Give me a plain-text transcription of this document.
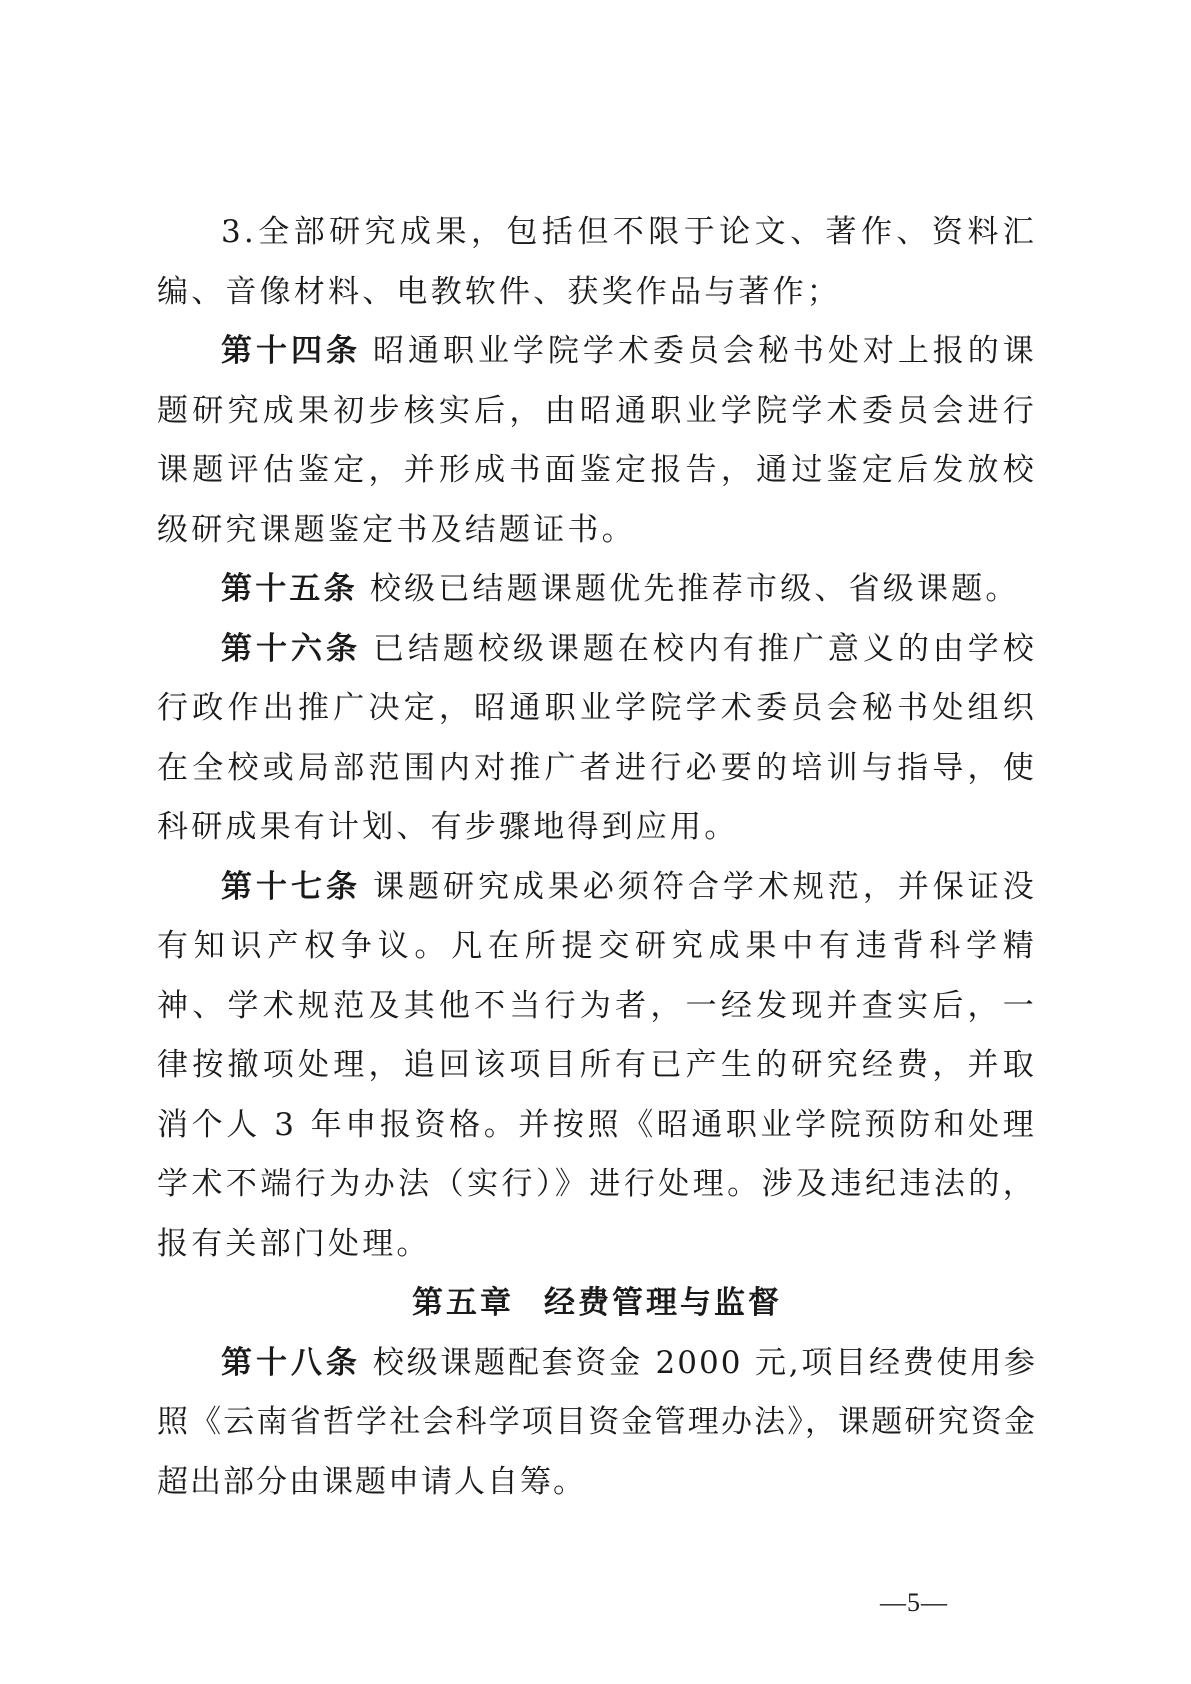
3.全部研究成果，包括但不限于论文、著作、资料汇编、音像材料、电教软件、获奖作品与著作；

第十四条 昭通职业学院学术委员会秘书处对上报的课题研究成果初步核实后，由昭通职业学院学术委员会进行课题评估鉴定，并形成书面鉴定报告，通过鉴定后发放校级研究课题鉴定书及结题证书。

第十五条 校级已结题课题优先推荐市级、省级课题。

第十六条 已结题校级课题在校内有推广意义的由学校行政作出推广决定，昭通职业学院学术委员会秘书处组织在全校或局部范围内对推广者进行必要的培训与指导，使科研成果有计划、有步骤地得到应用。

第十七条 课题研究成果必须符合学术规范，并保证没有知识产权争议。凡在所提交研究成果中有违背科学精神、学术规范及其他不当行为者，一经发现并查实后，一律按撤项处理，追回该项目所有已产生的研究经费，并取消个人 3 年申报资格。并按照《昭通职业学院预防和处理学术不端行为办法（实行）》进行处理。涉及违纪违法的，报有关部门处理。

第五章 经费管理与监督

第十八条 校级课题配套资金 2000 元,项目经费使用参照《云南省哲学社会科学项目资金管理办法》，课题研究资金超出部分由课题申请人自筹。

—5—
